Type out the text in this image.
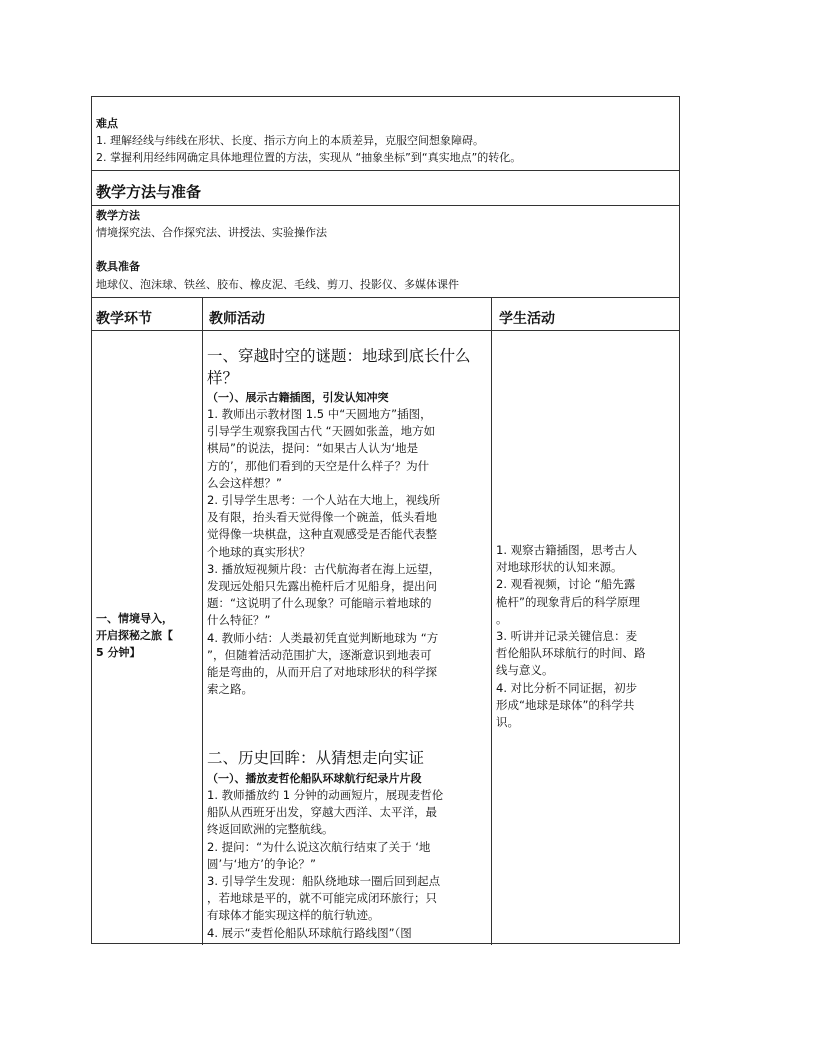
难点
1. 理解经线与纬线在形状、长度、指示方向上的本质差异，克服空间想象障碍。
2. 掌握利用经纬网确定具体地理位置的方法，实现从 “抽象坐标”到“真实地点”的转化。
教学方法与准备
教学方法
情境探究法、合作探究法、讲授法、实验操作法
教具准备
地球仪、泡沫球、铁丝、胶布、橡皮泥、毛线、剪刀、投影仪、多媒体课件
教学环节	教师活动	学生活动
一、情境导入，
开启探秘之旅【
5 分钟】
一、穿越时空的谜题：地球到底长什么
样？
（一）、展示古籍插图，引发认知冲突
1. 教师出示教材图 1.5 中“天圆地方”插图，
引导学生观察我国古代 “天圆如张盖，地方如
棋局”的说法，提问：“如果古人认为‘地是
方的’，那他们看到的天空是什么样子？为什
么会这样想？”
2. 引导学生思考：一个人站在大地上，视线所
及有限，抬头看天觉得像一个碗盖，低头看地
觉得像一块棋盘，这种直观感受是否能代表整
个地球的真实形状？
3. 播放短视频片段：古代航海者在海上远望，
发现远处船只先露出桅杆后才见船身，提出问
题：“这说明了什么现象？可能暗示着地球的
什么特征？”
4. 教师小结：人类最初凭直觉判断地球为 “方
”，但随着活动范围扩大，逐渐意识到地表可
能是弯曲的，从而开启了对地球形状的科学探
索之路。
二、历史回眸：从猜想走向实证
（一）、播放麦哲伦船队环球航行纪录片片段
1. 教师播放约 1 分钟的动画短片，展现麦哲伦
船队从西班牙出发，穿越大西洋、太平洋，最
终返回欧洲的完整航线。
2. 提问：“为什么说这次航行结束了关于 ‘地
圆’与‘地方’的争论？”
3. 引导学生发现：船队绕地球一圈后回到起点
，若地球是平的，就不可能完成闭环旅行；只
有球体才能实现这样的航行轨迹。
4. 展示“麦哲伦船队环球航行路线图”（图
1. 观察古籍插图，思考古人
对地球形状的认知来源。
2. 观看视频，讨论 “船先露
桅杆”的现象背后的科学原理
。
3. 听讲并记录关键信息：麦
哲伦船队环球航行的时间、路
线与意义。
4. 对比分析不同证据，初步
形成“地球是球体”的科学共
识。
